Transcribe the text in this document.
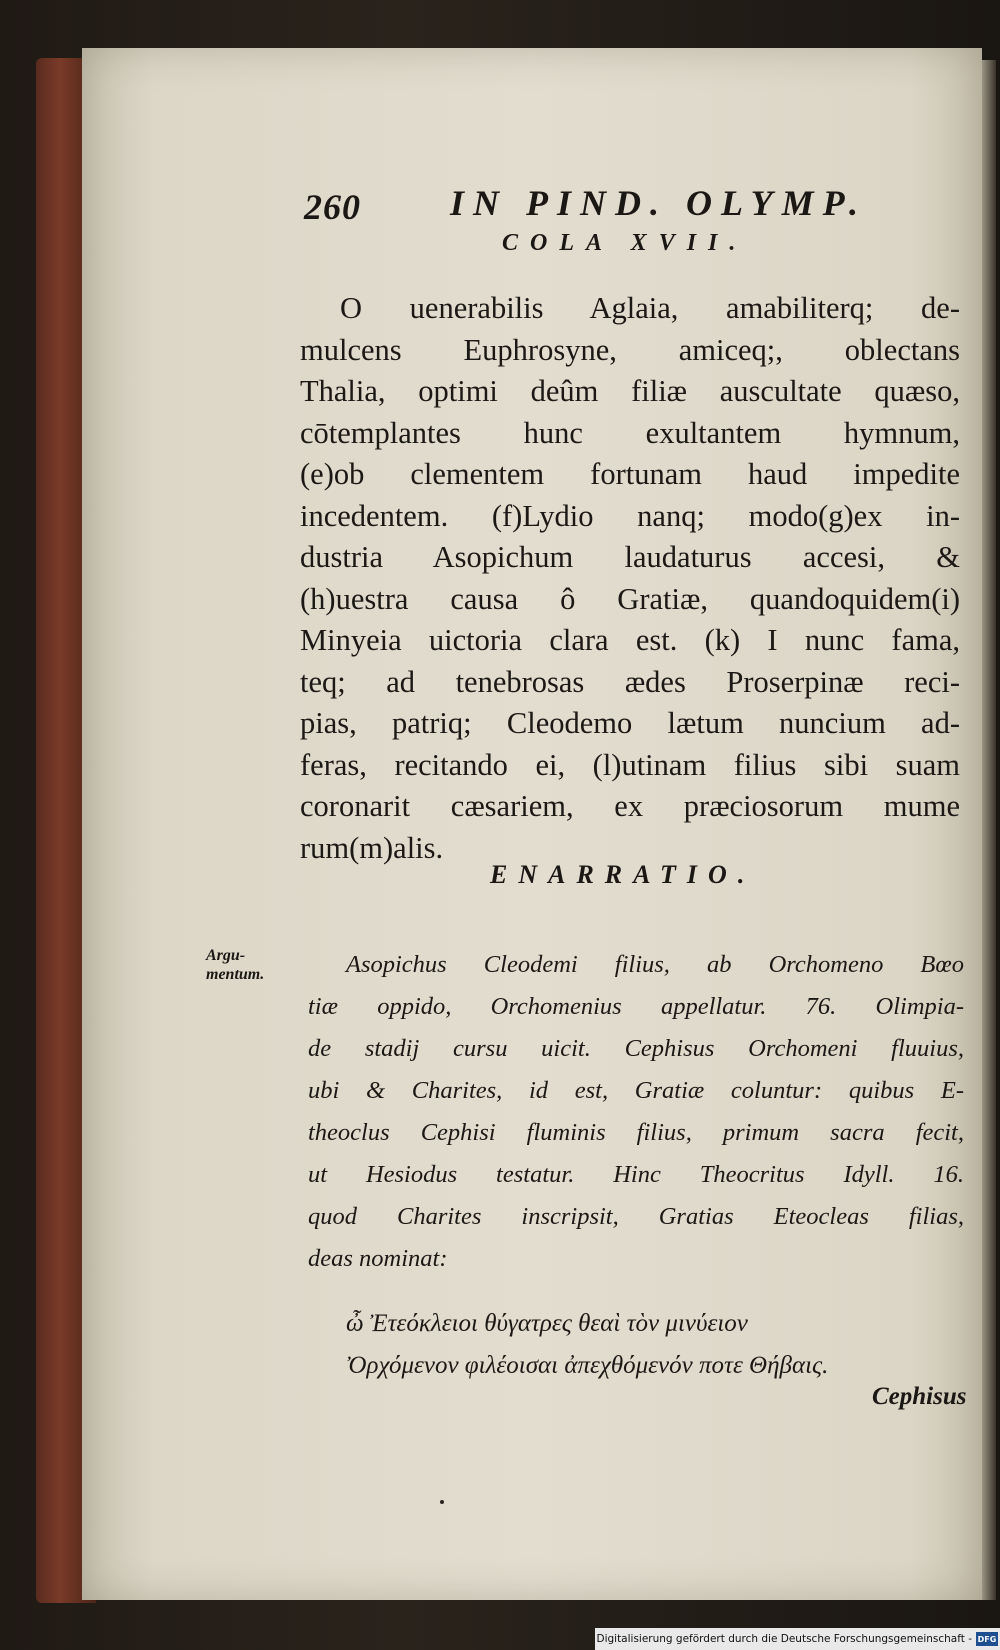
260 IN PIND. OLYMP.
COLA XVII.
O uenerabilis Aglaia, amabiliterq; de-
mulcens Euphrosyne, amiceq;, oblectans
Thalia, optimi deûm filiæ auscultate quæso,
cōtemplantes hunc exultantem hymnum,
(e)ob clementem fortunam haud impedite
incedentem. (f)Lydio nanq; modo(g)ex in-
dustria Asopichum laudaturus accesi, &
(h)uestra causa ô Gratiæ, quandoquidem(i)
Minyeia uictoria clara est. (k) I nunc fama,
teq; ad tenebrosas ædes Proserpinæ reci-
pias, patriq; Cleodemo lætum nuncium ad-
feras, recitando ei, (l)utinam filius sibi suam
coronarit cæsariem, ex præciosorum mume
rum(m)alis.
ENARRATIO.
Argu-
mentum.	Asopichus Cleodemi filius, ab Orchomeno Bœo
tiæ oppido, Orchomenius appellatur. 76. Olimpia-
de stadij cursu uicit. Cephisus Orchomeni fluuius,
ubi & Charites, id est, Gratiæ coluntur: quibus E-
theoclus Cephisi fluminis filius, primum sacra fecit,
ut Hesiodus testatur. Hinc Theocritus Idyll. 16.
quod Charites inscripsit, Gratias Eteocleas filias,
deas nominat:
ὦ Ἐτεόκλειοι θύγατρες θεαὶ τὸν μινύειον
Ὀρχόμενον φιλέοισαι ἀπεχθόμενόν ποτε Θήβαις.
Cephisus
Digitalisierung gefördert durch die Deutsche Forschungsgemeinschaft - DFG
